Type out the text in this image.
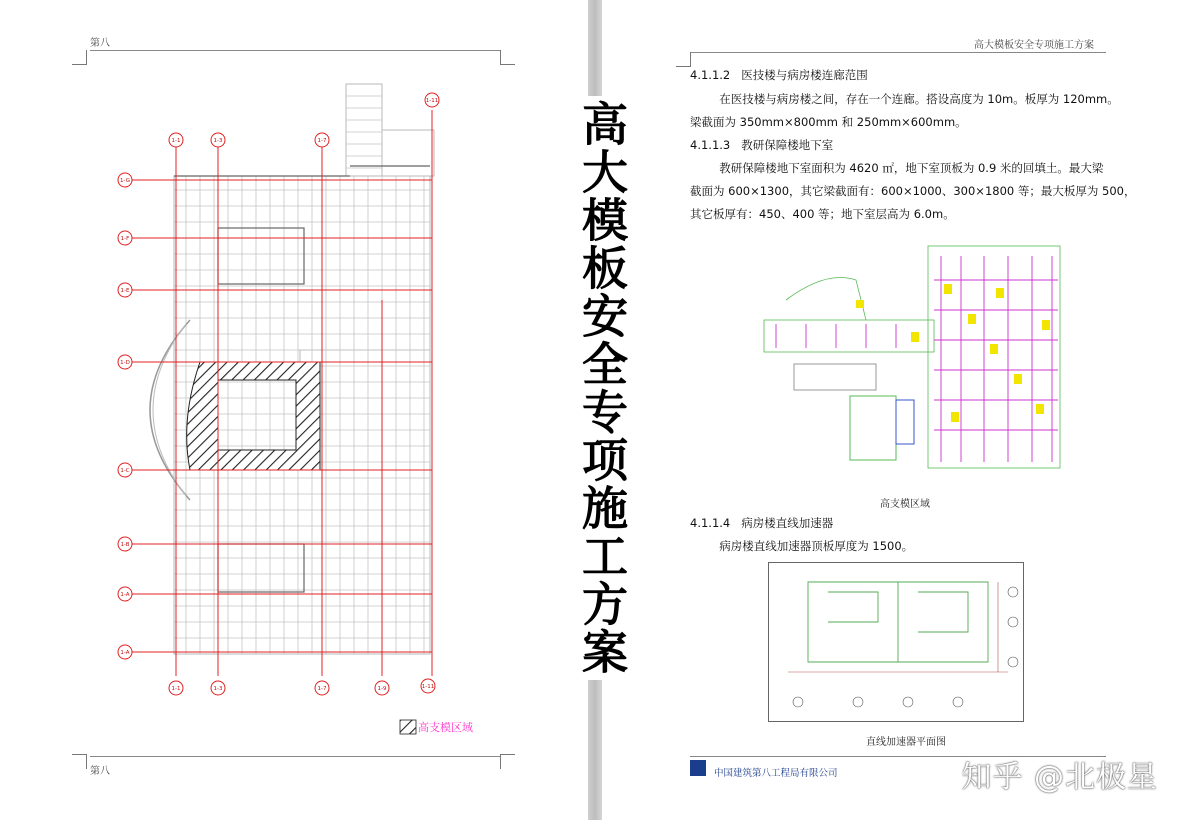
第八
1-1	1-3	1-7
1-11
1-1	1-3	1-7	1-9	1-11
1-G
1-F
1-E
1-D
1-C
1-B
1-A
1-A
高支模区域
第八
高大模板安全专项施工方案
高大模板安全专项施工方案
4.1.1.2   医技楼与病房楼连廊范围
在医技楼与病房楼之间，存在一个连廊。搭设高度为 10m。板厚为 120mm。
梁截面为 350mm×800mm 和 250mm×600mm。
4.1.1.3   教研保障楼地下室
教研保障楼地下室面积为 4620 ㎡，地下室顶板为 0.9 米的回填土。最大梁
截面为 600×1300，其它梁截面有：600×1000、300×1800 等；最大板厚为 500，
其它板厚有：450、400 等；地下室层高为 6.0m。
高支模区域
4.1.1.4   病房楼直线加速器
病房楼直线加速器顶板厚度为 1500。
直线加速器平面图
中国建筑第八工程局有限公司	知乎 @北极星
